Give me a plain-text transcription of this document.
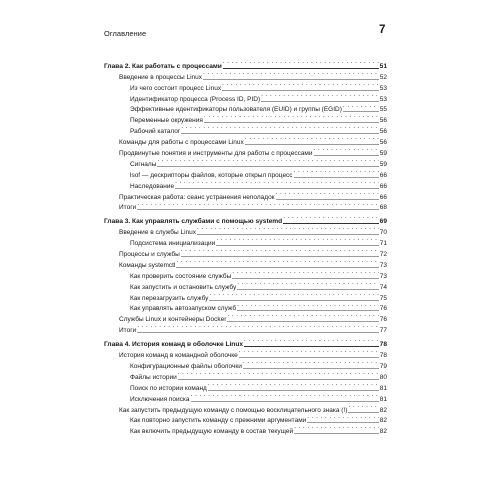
Оглавление	7
Глава 2. Как работать с процессами . . .	51
Введение в процессы Linux . . .	52
Из чего состоит процесс Linux . . .	53
Идентификатор процесса (Process ID, PID) . . .	53
Эффективные идентификаторы пользователя (EUID) и группы (EGID) . . .	55
Переменные окружения . . .	56
Рабочий каталог . . .	56
Команды для работы с процессами Linux . . .	56
Продвинутые понятия и инструменты для работы с процессами . . .	59
Сигналы . . .	59
lsof — дескрипторы файлов, которые открыл процесс . . .	66
Наследование . . .	66
Практическая работа: сеанс устранения неполадок . . .	66
Итоги . . .	68
Глава 3. Как управлять службами с помощью systemd . . .	69
Введение в службы Linux . . .	70
Подсистема инициализации . . .	71
Процессы и службы . . .	72
Команды systemctl . . .	73
Как проверить состояние службы . . .	73
Как запустить и остановить службу . . .	74
Как перезагрузить службу . . .	75
Как управлять автозапуском служб . . .	76
Службы Linux и контейнеры Docker . . .	76
Итоги . . .	77
Глава 4. История команд в оболочке Linux . . .	78
История команд в командной оболочке . . .	78
Конфигурационные файлы оболочки . . .	79
Файлы истории . . .	80
Поиск по истории команд . . .	81
Исключения поиска . . .	81
Как запустить предыдущую команду с помощью восклицательного знака (!) . . .	82
Как повторно запустить команду с прежними аргументами . . .	82
Как включить предыдущую команду в состав текущей . . .	82
